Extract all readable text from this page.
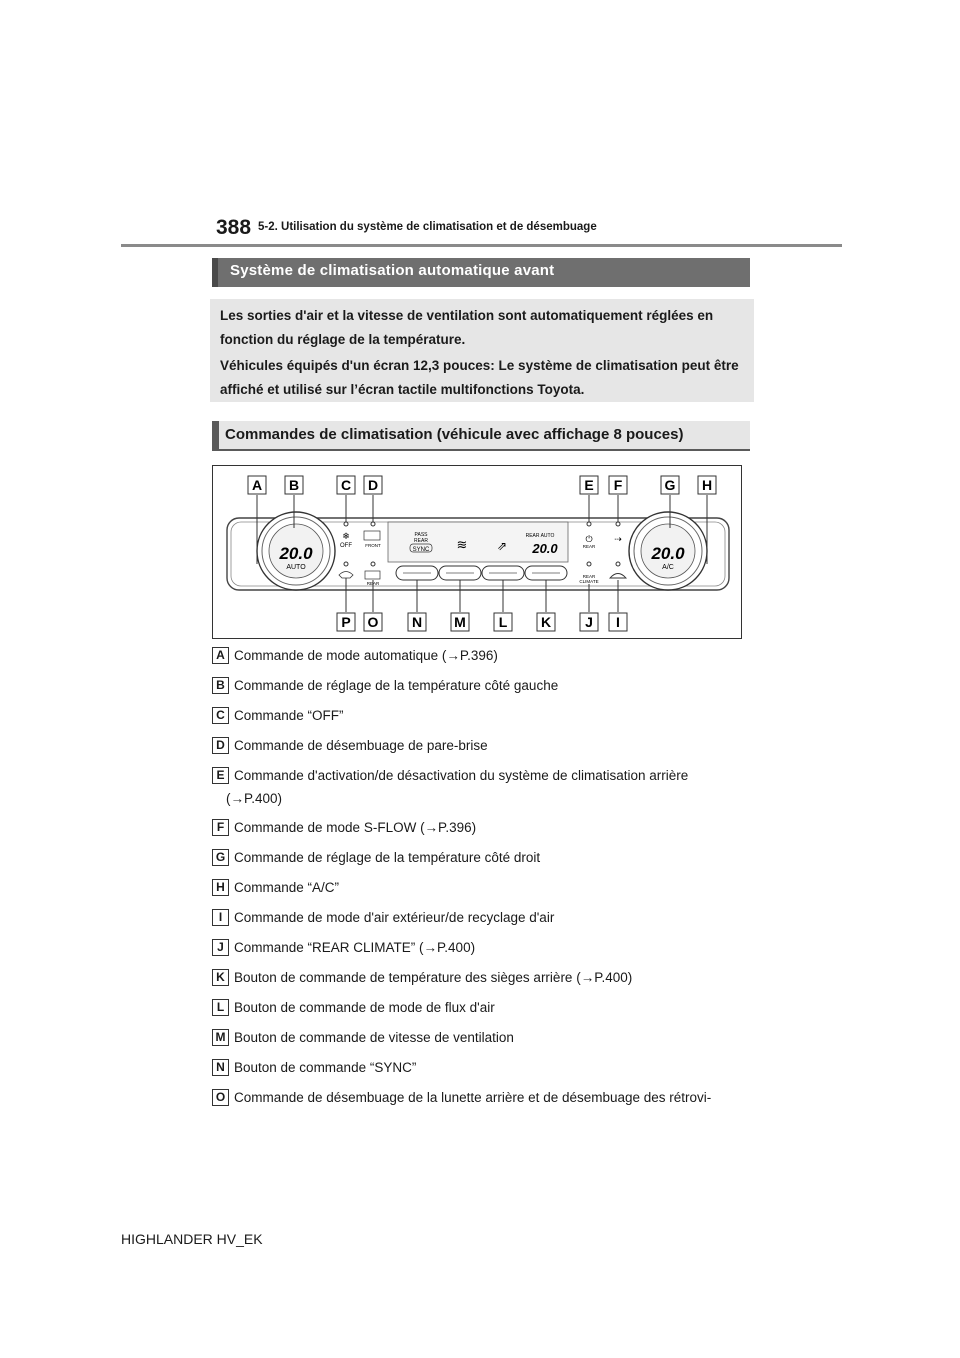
388 5-2. Utilisation du système de climatisation et de désembuage
Système de climatisation automatique avant

Les sorties d'air et la vitesse de ventilation sont automatiquement réglées en fonction du réglage de la température.

Véhicules équipés d'un écran 12,3 pouces: Le système de climatisation peut être affiché et utilisé sur l’écran tactile multifonctions Toyota.

Commandes de climatisation (véhicule avec affichage 8 pouces)
20.0
AUTO
20.0
A/C
❄
OFF	FRONT
REAR
PASS
REAR
SYNC ≋ ⇗
REAR AUTO
20.0
⏻
REAR
⇢
REAR
CLIMATE
A B	C D	E F	G H
P O N M L K J I
A Commande de mode automatique (→P.396)
B Commande de réglage de la température côté gauche
C Commande “OFF”
D Commande de désembuage de pare-brise
E Commande d'activation/de désactivation du système de climatisation arrière
(→P.400)
F Commande de mode S-FLOW (→P.396)
G Commande de réglage de la température côté droit
H Commande “A/C”
I Commande de mode d'air extérieur/de recyclage d'air
J Commande “REAR CLIMATE” (→P.400)
K Bouton de commande de température des sièges arrière (→P.400)
L Bouton de commande de mode de flux d'air
M Bouton de commande de vitesse de ventilation
N Bouton de commande “SYNC”
O Commande de désembuage de la lunette arrière et de désembuage des rétrovi-
HIGHLANDER HV_EK
